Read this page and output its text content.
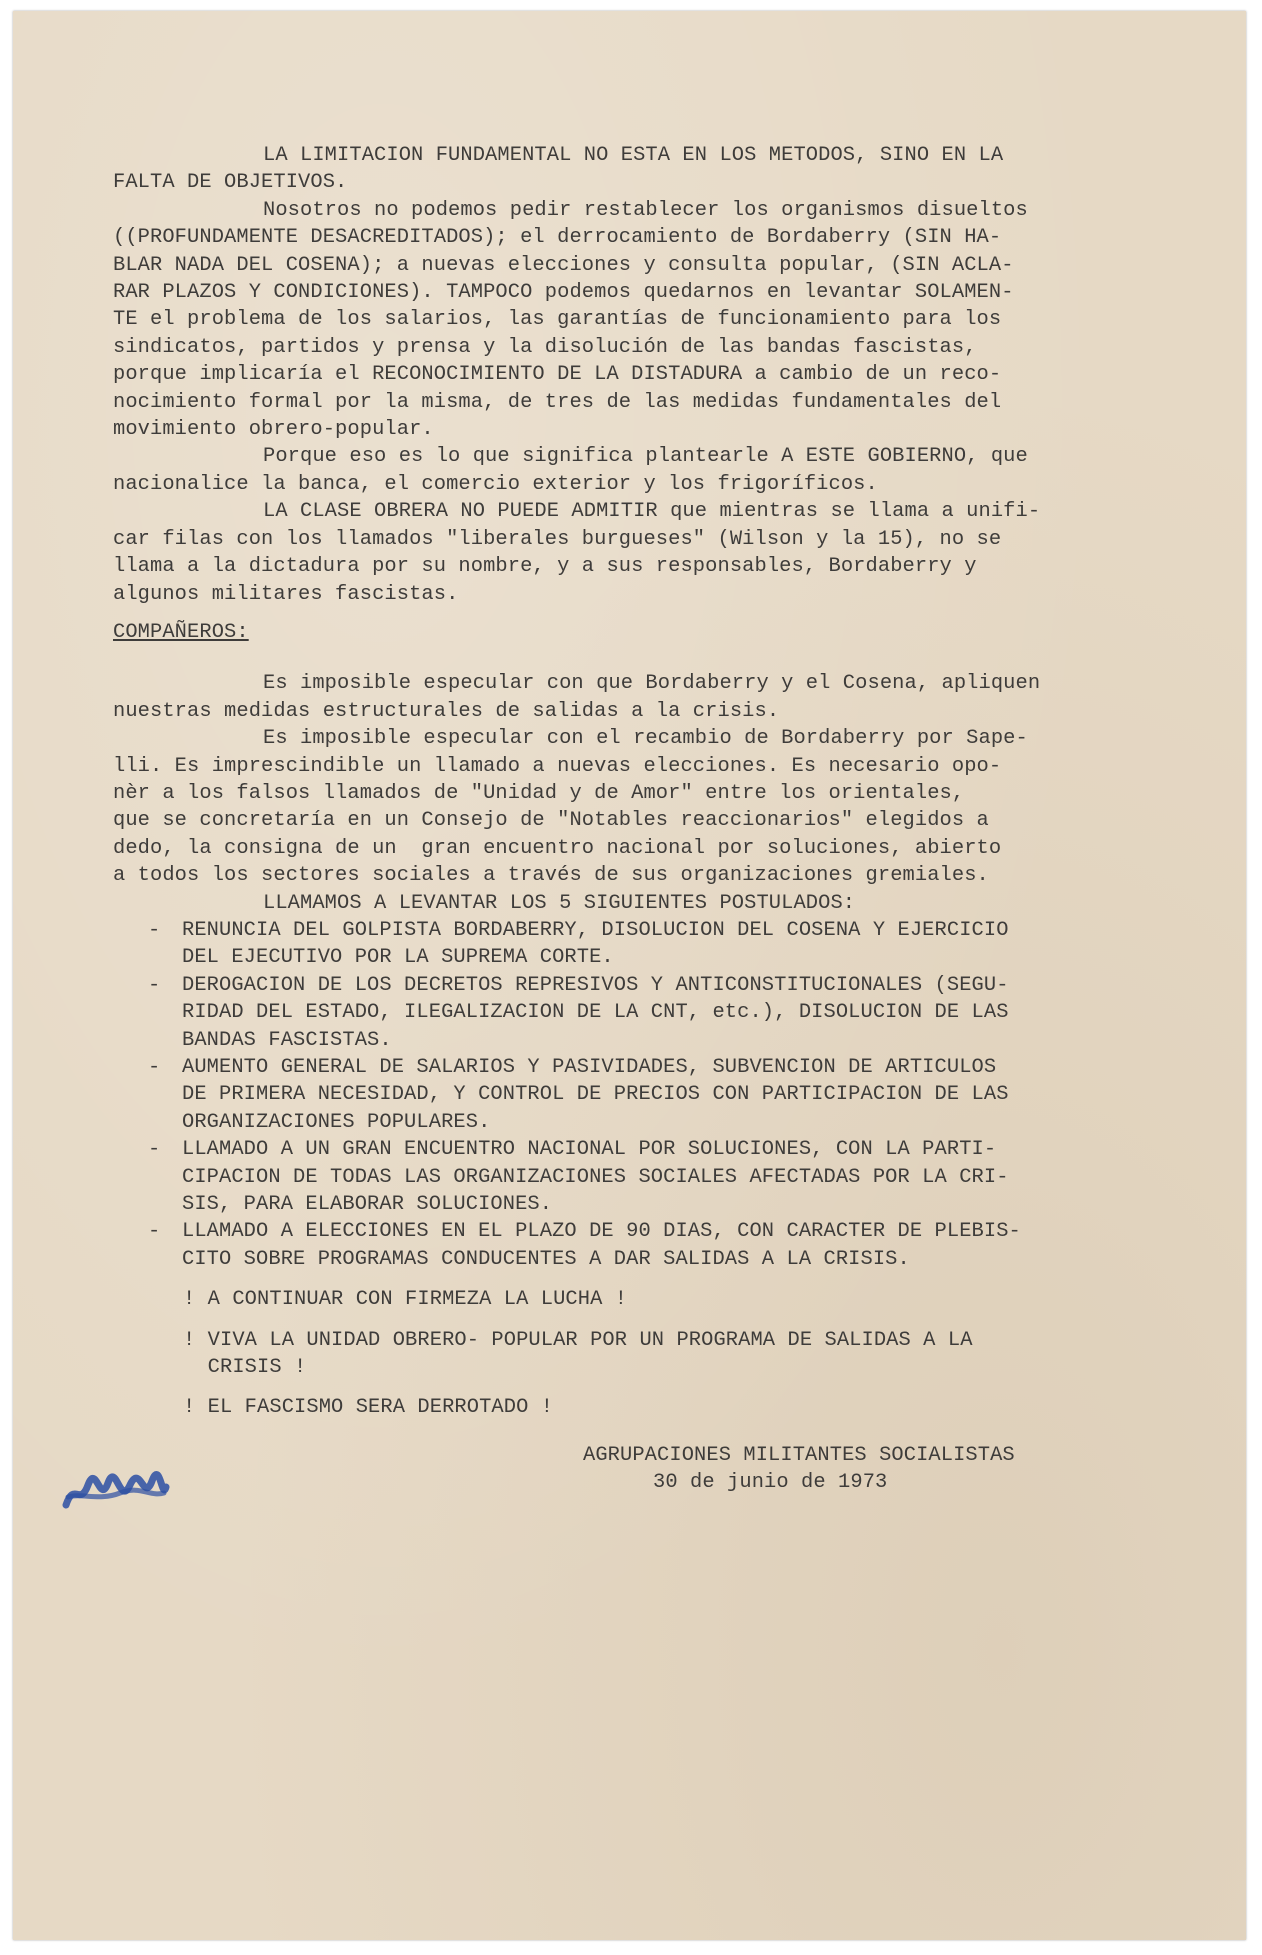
LA LIMITACION FUNDAMENTAL NO ESTA EN LOS METODOS, SINO EN LA
FALTA DE OBJETIVOS.
Nosotros no podemos pedir restablecer los organismos disueltos
((PROFUNDAMENTE DESACREDITADOS); el derrocamiento de Bordaberry (SIN HA-
BLAR NADA DEL COSENA); a nuevas elecciones y consulta popular, (SIN ACLA-
RAR PLAZOS Y CONDICIONES). TAMPOCO podemos quedarnos en levantar SOLAMEN-
TE el problema de los salarios, las garantías de funcionamiento para los
sindicatos, partidos y prensa y la disolución de las bandas fascistas,
porque implicaría el RECONOCIMIENTO DE LA DISTADURA a cambio de un reco-
nocimiento formal por la misma, de tres de las medidas fundamentales del
movimiento obrero-popular.
Porque eso es lo que significa plantearle A ESTE GOBIERNO, que
nacionalice la banca, el comercio exterior y los frigoríficos.
LA CLASE OBRERA NO PUEDE ADMITIR que mientras se llama a unifi-
car filas con los llamados "liberales burgueses" (Wilson y la 15), no se
llama a la dictadura por su nombre, y a sus responsables, Bordaberry y
algunos militares fascistas.
COMPAÑEROS:
Es imposible especular con que Bordaberry y el Cosena, apliquen
nuestras medidas estructurales de salidas a la crisis.
Es imposible especular con el recambio de Bordaberry por Sape-
lli. Es imprescindible un llamado a nuevas elecciones. Es necesario opo-
nèr a los falsos llamados de "Unidad y de Amor" entre los orientales,
que se concretaría en un Consejo de "Notables reaccionarios" elegidos a
dedo, la consigna de un  gran encuentro nacional por soluciones, abierto
a todos los sectores sociales a través de sus organizaciones gremiales.
LLAMAMOS A LEVANTAR LOS 5 SIGUIENTES POSTULADOS:
- RENUNCIA DEL GOLPISTA BORDABERRY, DISOLUCION DEL COSENA Y EJERCICIO
DEL EJECUTIVO POR LA SUPREMA CORTE.
- DEROGACION DE LOS DECRETOS REPRESIVOS Y ANTICONSTITUCIONALES (SEGU-
RIDAD DEL ESTADO, ILEGALIZACION DE LA CNT, etc.), DISOLUCION DE LAS
BANDAS FASCISTAS.
- AUMENTO GENERAL DE SALARIOS Y PASIVIDADES, SUBVENCION DE ARTICULOS
DE PRIMERA NECESIDAD, Y CONTROL DE PRECIOS CON PARTICIPACION DE LAS
ORGANIZACIONES POPULARES.
- LLAMADO A UN GRAN ENCUENTRO NACIONAL POR SOLUCIONES, CON LA PARTI-
CIPACION DE TODAS LAS ORGANIZACIONES SOCIALES AFECTADAS POR LA CRI-
SIS, PARA ELABORAR SOLUCIONES.
- LLAMADO A ELECCIONES EN EL PLAZO DE 90 DIAS, CON CARACTER DE PLEBIS-
CITO SOBRE PROGRAMAS CONDUCENTES A DAR SALIDAS A LA CRISIS.
! A CONTINUAR CON FIRMEZA LA LUCHA !
! VIVA LA UNIDAD OBRERO- POPULAR POR UN PROGRAMA DE SALIDAS A LA
CRISIS !
! EL FASCISMO SERA DERROTADO !
AGRUPACIONES MILITANTES SOCIALISTAS
30 de junio de 1973
